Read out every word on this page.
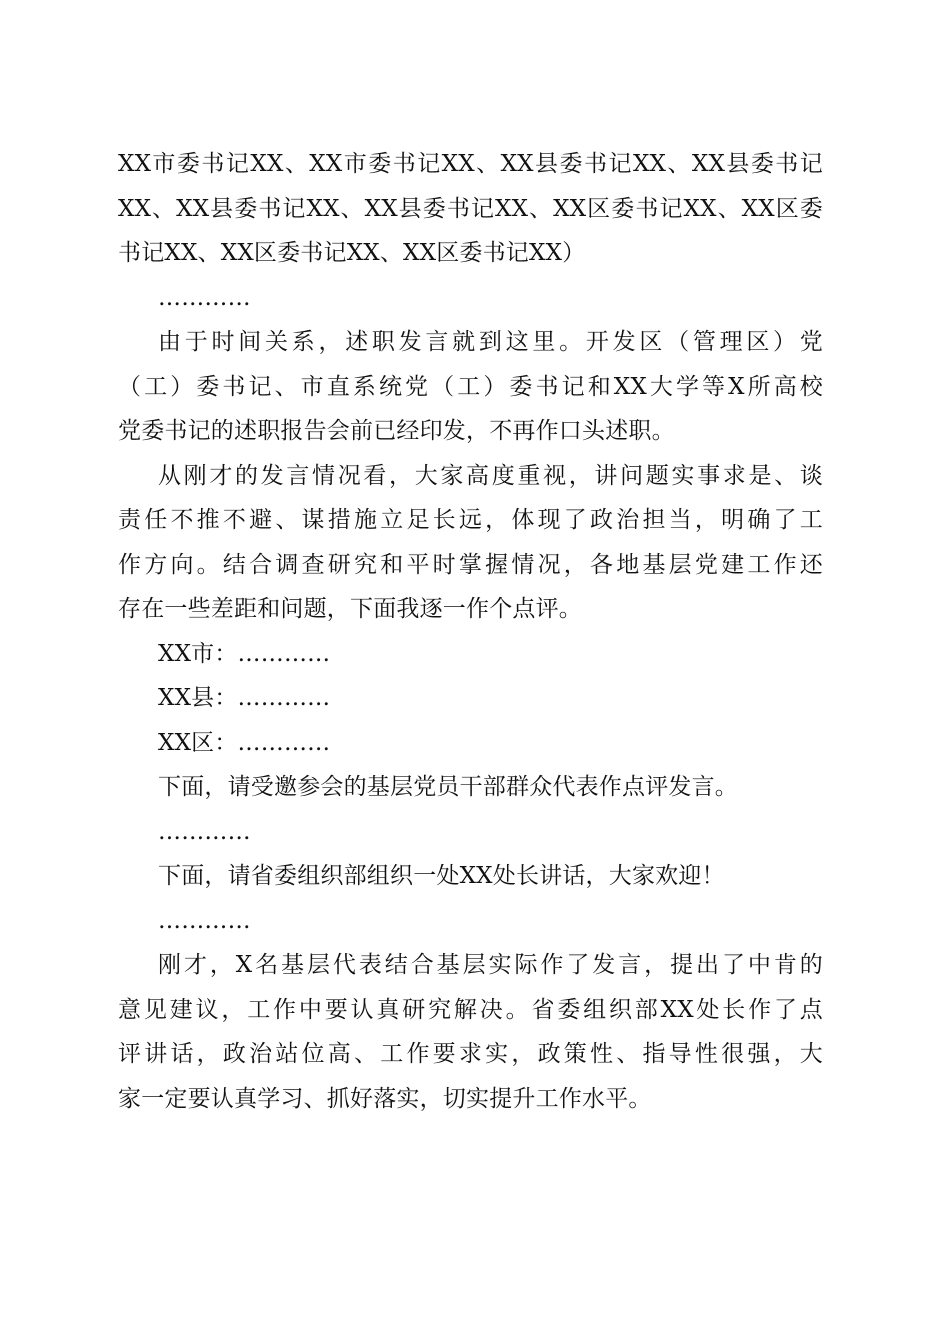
XX市委书记XX、XX市委书记XX、XX县委书记XX、XX县委书记

XX、XX县委书记XX、XX县委书记XX、XX区委书记XX、XX区委

书记XX、XX区委书记XX、XX区委书记XX）

…………

由于时间关系，述职发言就到这里。开发区（管理区）党

（工）委书记、市直系统党（工）委书记和XX大学等X所高校

党委书记的述职报告会前已经印发，不再作口头述职。

从刚才的发言情况看，大家高度重视，讲问题实事求是、谈

责任不推不避、谋措施立足长远，体现了政治担当，明确了工

作方向。结合调查研究和平时掌握情况，各地基层党建工作还

存在一些差距和问题，下面我逐一作个点评。

XX市：…………

XX县：…………

XX区：…………

下面，请受邀参会的基层党员干部群众代表作点评发言。

…………

下面，请省委组织部组织一处XX处长讲话，大家欢迎！

…………

刚才，X名基层代表结合基层实际作了发言，提出了中肯的

意见建议，工作中要认真研究解决。省委组织部XX处长作了点

评讲话，政治站位高、工作要求实，政策性、指导性很强，大

家一定要认真学习、抓好落实，切实提升工作水平。
